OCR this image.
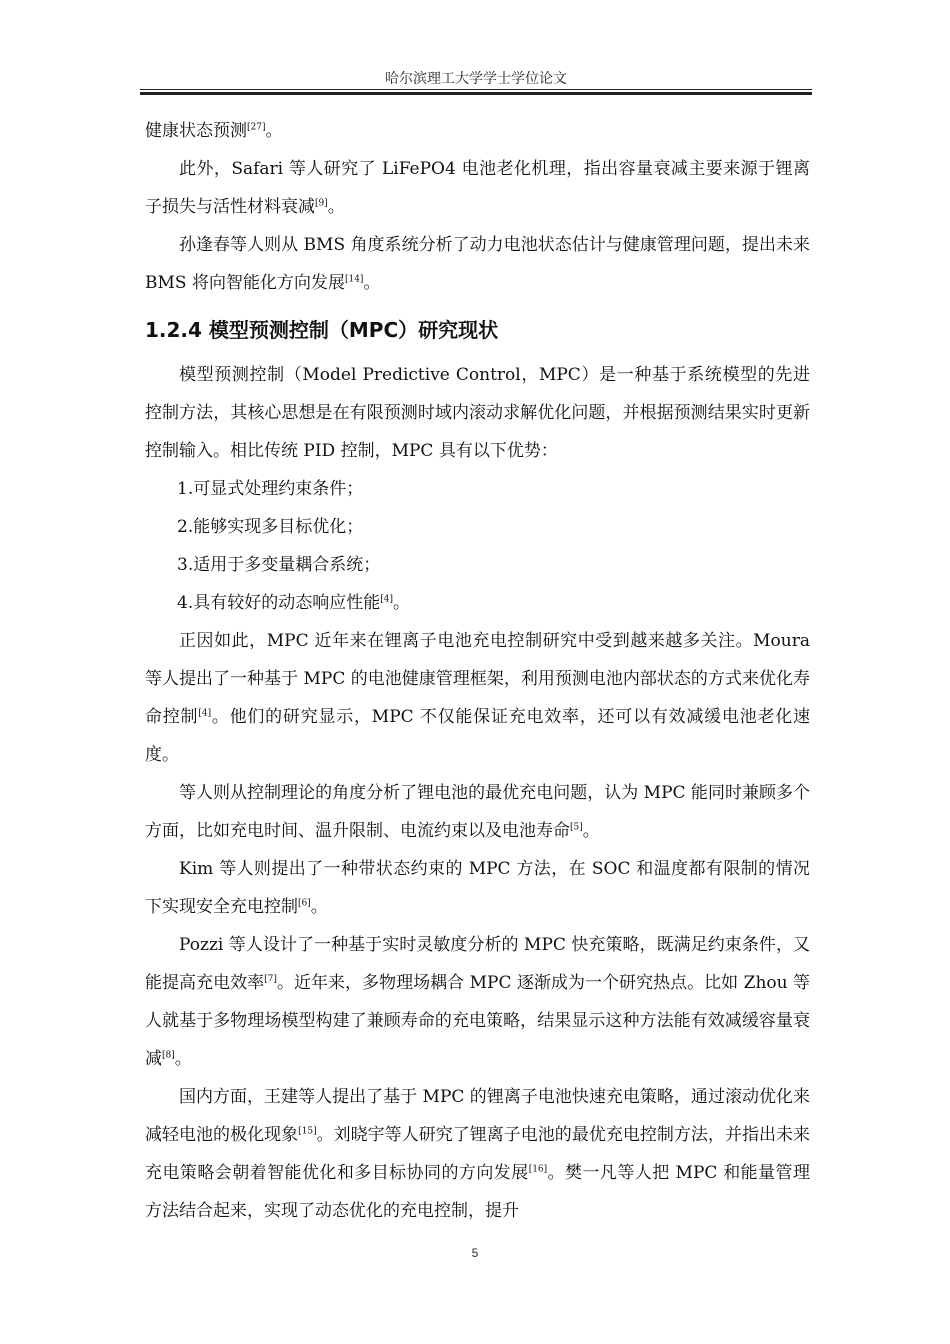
哈尔滨理工大学学士学位论文

健康状态预测[27]。

此外，Safari 等人研究了 LiFePO4 电池老化机理，指出容量衰减主要来源于锂离子损失与活性材料衰减[9]。

孙逢春等人则从 BMS 角度系统分析了动力电池状态估计与健康管理问题，提出未来 BMS 将向智能化方向发展[14]。

1.2.4 模型预测控制（MPC）研究现状

模型预测控制（Model Predictive Control，MPC）是一种基于系统模型的先进控制方法，其核心思想是在有限预测时域内滚动求解优化问题，并根据预测结果实时更新控制输入。相比传统 PID 控制，MPC 具有以下优势：

1.可显式处理约束条件；

2.能够实现多目标优化；

3.适用于多变量耦合系统；

4.具有较好的动态响应性能[4]。

正因如此，MPC 近年来在锂离子电池充电控制研究中受到越来越多关注。Moura 等人提出了一种基于 MPC 的电池健康管理框架，利用预测电池内部状态的方式来优化寿命控制[4]。他们的研究显示，MPC 不仅能保证充电效率，还可以有效减缓电池老化速度。

等人则从控制理论的角度分析了锂电池的最优充电问题，认为 MPC 能同时兼顾多个方面，比如充电时间、温升限制、电流约束以及电池寿命[5]。

Kim 等人则提出了一种带状态约束的 MPC 方法，在 SOC 和温度都有限制的情况下实现安全充电控制[6]。

Pozzi 等人设计了一种基于实时灵敏度分析的 MPC 快充策略，既满足约束条件，又能提高充电效率[7]。近年来，多物理场耦合 MPC 逐渐成为一个研究热点。比如 Zhou 等人就基于多物理场模型构建了兼顾寿命的充电策略，结果显示这种方法能有效减缓容量衰减[8]。

国内方面，王建等人提出了基于 MPC 的锂离子电池快速充电策略，通过滚动优化来减轻电池的极化现象[15]。刘晓宇等人研究了锂离子电池的最优充电控制方法，并指出未来充电策略会朝着智能优化和多目标协同的方向发展[16]。樊一凡等人把 MPC 和能量管理方法结合起来，实现了动态优化的充电控制，提升

5
